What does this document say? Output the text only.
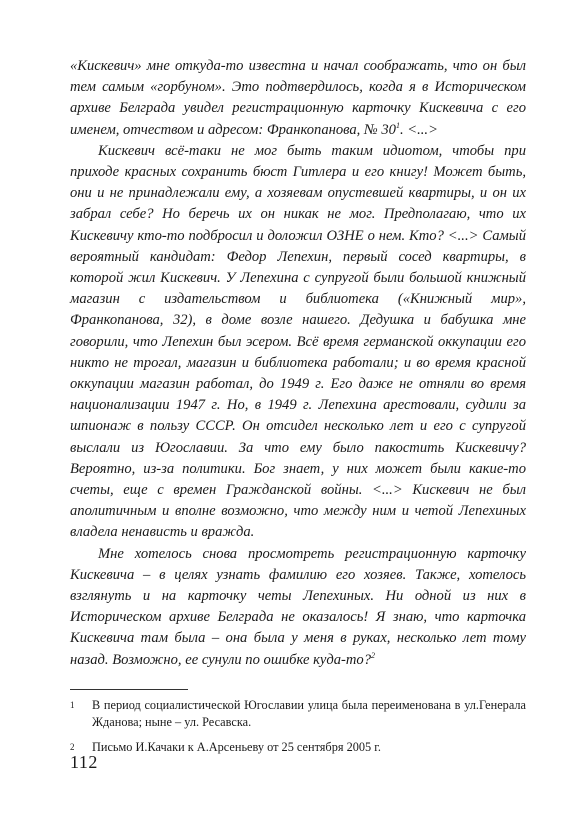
«Кискевич» мне откуда-то известна и начал соображать, что он был тем самым «горбуном». Это подтвердилось, когда я в Историческом архиве Белграда увидел регистрационную карточку Кискевича с его именем, отчеством и адресом: Франкопанова, № $30^1$. <...>

Кискевич всё-таки не мог быть таким идиотом, чтобы при приходе красных сохранить бюст Гитлера и его книгу! Может быть, они и не принадлежали ему, а хозяевам опустевшей квартиры, и он их забрал себе? Но беречь их он никак не мог. Предполагаю, что их Кискевичу кто-то подбросил и доложил ОЗНЕ о нем. Кто? <...> Самый вероятный кандидат: Федор Лепехин, первый сосед квартиры, в которой жил Кискевич. У Лепехина с супругой были большой книжный магазин с издательством и библиотека («Книжный мир», Франкопанова, 32), в доме возле нашего. Дедушка и бабушка мне говорили, что Лепехин был эсером. Всё время германской оккупации его никто не трогал, магазин и библиотека работали; и во время красной оккупации магазин работал, до 1949 г. Его даже не отняли во время национализации 1947 г. Но, в 1949 г. Лепехина арестовали, судили за шпионаж в пользу СССР. Он отсидел несколько лет и его с супругой выслали из Югославии. За что ему было пакостить Кискевичу? Вероятно, из-за политики. Бог знает, у них может были какие-то счеты, еще с времен Гражданской войны. <...> Кискевич не был аполитичным и вполне возможно, что между ним и четой Лепехиных владела ненависть и вражда.

Мне хотелось снова просмотреть регистрационную карточку Кискевича – в целях узнать фамилию его хозяев. Также, хотелось взглянуть и на карточку четы Лепехиных. Ни одной из них в Историческом архиве Белграда не оказалось! Я знаю, что карточка Кискевича там была – она была у меня в руках, несколько лет тому назад. Возможно, ее сунули по ошибке куда-то?$^2$

1	В период социалистической Югославии улица была переименована в ул.Генерала Жданова; ныне – ул. Ресавска.
2	Письмо И.Качаки к А.Арсеньеву от 25 сентября 2005 г.
112
